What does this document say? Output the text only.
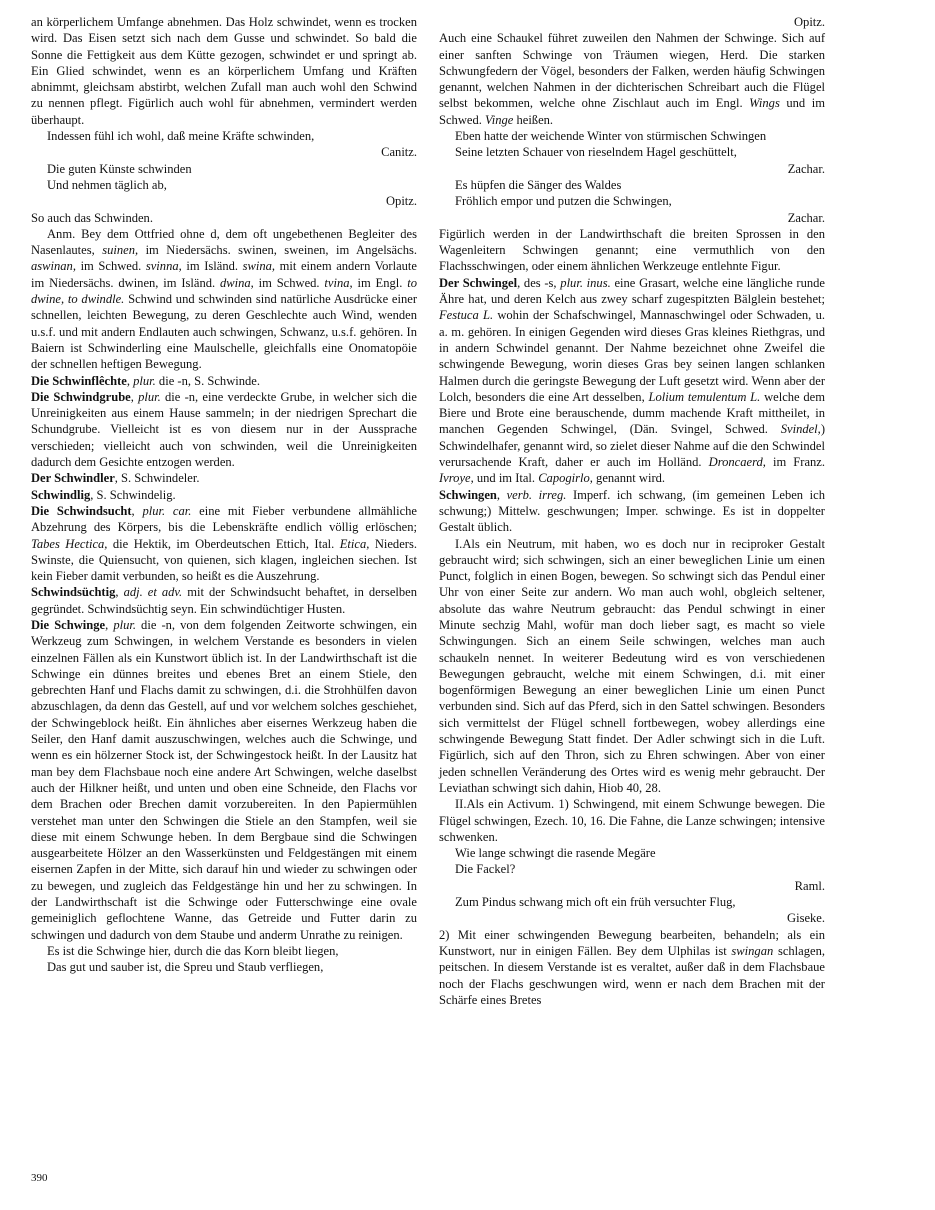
an körperlichem Umfange abnehmen. Das Holz schwindet, wenn es trocken wird. Das Eisen setzt sich nach dem Gusse und schwindet. So bald die Sonne die Fettigkeit aus dem Kütte gezogen, schwindet er und springt ab. Ein Glied schwindet, wenn es an körperlichem Umfang und Kräften abnimmt, gleichsam abstirbt, welchen Zufall man auch wohl den Schwind zu nennen pflegt. Figürlich auch wohl für abnehmen, vermindert werden überhaupt.
Indessen fühl ich wohl, daß meine Kräfte schwinden,
Canitz.
Die guten Künste schwinden
Und nehmen täglich ab,
Opitz.
So auch das Schwinden.
Anm. Bey dem Ottfried ohne d, dem oft ungebethenen Begleiter des Nasenlautes, suinen, im Niedersächs. swinen, sweinen, im Angelsächs. aswinan, im Schwed. svinna, im Isländ. swina, mit einem andern Vorlaute im Niedersächs. dwinen, im Isländ. dwina, im Schwed. tvina, im Engl. to dwine, to dwindle. Schwind und schwinden sind natürliche Ausdrücke einer schnellen, leichten Bewegung, zu deren Geschlechte auch Wind, wenden u.s.f. und mit andern Endlauten auch schwingen, Schwanz, u.s.f. gehören. In Baiern ist Schwinderling eine Maulschelle, gleichfalls eine Onomatopöie der schnellen heftigen Bewegung.
Die Schwinflêchte, plur. die -n, S. Schwinde.
Die Schwindgrube, plur. die -n, eine verdeckte Grube, in welcher sich die Unreinigkeiten aus einem Hause sammeln; in der niedrigen Sprechart die Schundgrube. Vielleicht ist es von diesem nur in der Aussprache verschieden; vielleicht auch von schwinden, weil die Unreinigkeiten dadurch dem Gesichte entzogen werden.
Der Schwindler, S. Schwindeler.
Schwindlig, S. Schwindelig.
Die Schwindsucht, plur. car. eine mit Fieber verbundene allmähliche Abzehrung des Körpers, bis die Lebenskräfte endlich völlig erlöschen; Tabes Hectica, die Hektik, im Oberdeutschen Ettich, Ital. Etica, Nieders. Swinste, die Quiensucht, von quienen, sich klagen, ingleichen siechen. Ist kein Fieber damit verbunden, so heißt es die Auszehrung.
Schwindsüchtig, adj. et adv. mit der Schwindsucht behaftet, in derselben gegründet. Schwindsüchtig seyn. Ein schwindüchtiger Husten.
Die Schwinge, plur. die -n, von dem folgenden Zeitworte schwingen, ein Werkzeug zum Schwingen, in welchem Verstande es besonders in vielen einzelnen Fällen als ein Kunstwort üblich ist. In der Landwirthschaft ist die Schwinge ein dünnes breites und ebenes Bret an einem Stiele, den gebrechten Hanf und Flachs damit zu schwingen, d.i. die Strohhülfen davon abzuschlagen, da denn das Gestell, auf und vor welchem solches geschiehet, der Schwingeblock heißt. Ein ähnliches aber eisernes Werkzeug haben die Seiler, den Hanf damit auszuschwingen, welches auch die Schwinge, und wenn es ein hölzerner Stock ist, der Schwingestock heißt. In der Lausitz hat man bey dem Flachsbaue noch eine andere Art Schwingen, welche daselbst auch der Hilkner heißt, und unten und oben eine Schneide, den Flachs vor dem Brachen oder Brechen damit vorzubereiten. In den Papiermühlen verstehet man unter den Schwingen die Stiele an den Stampfen, weil sie diese mit einem Schwunge heben. In dem Bergbaue sind die Schwingen ausgearbeitete Hölzer an den Wasserkünsten und Feldgestängen mit einem eisernen Zapfen in der Mitte, sich darauf hin und wieder zu schwingen oder zu bewegen, und zugleich das Feldgestänge hin und her zu schwingen. In der Landwirthschaft ist die Schwinge oder Futterschwinge eine ovale gemeiniglich geflochtene Wanne, das Getreide und Futter darin zu schwingen und dadurch von dem Staube und anderm Unrathe zu reinigen.
Es ist die Schwinge hier, durch die das Korn bleibt liegen,
Das gut und sauber ist, die Spreu und Staub verfliegen,
Opitz.
Auch eine Schaukel führet zuweilen den Nahmen der Schwinge. Sich auf einer sanften Schwinge von Träumen wiegen, Herd. Die starken Schwungfedern der Vögel, besonders der Falken, werden häufig Schwingen genannt, welchen Nahmen in der dichterischen Schreibart auch die Flügel selbst bekommen, welche ohne Zischlaut auch im Engl. Wings und im Schwed. Vinge heißen.
Eben hatte der weichende Winter von stürmischen Schwingen
Seine letzten Schauer von rieselndem Hagel geschüttelt,
Zachar.
Es hüpfen die Sänger des Waldes
Fröhlich empor und putzen die Schwingen,
Zachar.
Figürlich werden in der Landwirthschaft die breiten Sprossen in den Wagenleitern Schwingen genannt; eine vermuthlich von den Flachsschwingen, oder einem ähnlichen Werkzeuge entlehnte Figur.
Der Schwingel, des -s, plur. inus. eine Grasart, welche eine längliche runde Ähre hat, und deren Kelch aus zwey scharf zugespitzten Bälglein bestehet; Festuca L. wohin der Schafschwingel, Mannaschwingel oder Schwaden, u. a. m. gehören. In einigen Gegenden wird dieses Gras kleines Riethgras, und in andern Schwindel genannt. Der Nahme bezeichnet ohne Zweifel die schwingende Bewegung, worin dieses Gras bey seinen langen schlanken Halmen durch die geringste Bewegung der Luft gesetzt wird. Wenn aber der Lolch, besonders die eine Art desselben, Lolium temulentum L. welche dem Biere und Brote eine berauschende, dumm machende Kraft mittheilet, in manchen Gegenden Schwingel, (Dän. Svingel, Schwed. Svindel,) Schwindelhafer, genannt wird, so zielet dieser Nahme auf die den Schwindel verursachende Kraft, daher er auch im Holländ. Droncaerd, im Franz. Ivroye, und im Ital. Capogirlo, genannt wird.
Schwingen, verb. irreg. Imperf. ich schwang, (im gemeinen Leben ich schwung;) Mittelw. geschwungen; Imper. schwinge. Es ist in doppelter Gestalt üblich.
I.Als ein Neutrum, mit haben, wo es doch nur in reciproker Gestalt gebraucht wird; sich schwingen, sich an einer beweglichen Linie um einen Punct, folglich in einen Bogen, bewegen. So schwingt sich das Pendul einer Uhr von einer Seite zur andern. Wo man auch wohl, obgleich seltener, absolute das wahre Neutrum gebraucht: das Pendul schwingt in einer Minute sechzig Mahl, wofür man doch lieber sagt, es macht so viele Schwingungen. Sich an einem Seile schwingen, welches man auch schaukeln nennet. In weiterer Bedeutung wird es von verschiedenen Bewegungen gebraucht, welche mit einem Schwingen, d.i. mit einer bogenförmigen Bewegung an einer beweglichen Linie um einen Punct verbunden sind. Sich auf das Pferd, sich in den Sattel schwingen. Besonders sich vermittelst der Flügel schnell fortbewegen, wobey allerdings eine schwingende Bewegung Statt findet. Der Adler schwingt sich in die Luft. Figürlich, sich auf den Thron, sich zu Ehren schwingen. Aber von einer jeden schnellen Veränderung des Ortes wird es wenig mehr gebraucht. Der Leviathan schwingt sich dahin, Hiob 40, 28.
II.Als ein Activum. 1) Schwingend, mit einem Schwunge bewegen. Die Flügel schwingen, Ezech. 10, 16. Die Fahne, die Lanze schwingen; intensive schwenken.
Wie lange schwingt die rasende Megäre
Die Fackel?
Raml.
Zum Pindus schwang mich oft ein früh versuchter Flug,
Giseke.
2) Mit einer schwingenden Bewegung bearbeiten, behandeln; als ein Kunstwort, nur in einigen Fällen. Bey dem Ulphilas ist swingan schlagen, peitschen. In diesem Verstande ist es veraltet, außer daß in dem Flachsbaue noch der Flachs geschwungen wird, wenn er nach dem Brachen mit der Schärfe eines Bretes
390
